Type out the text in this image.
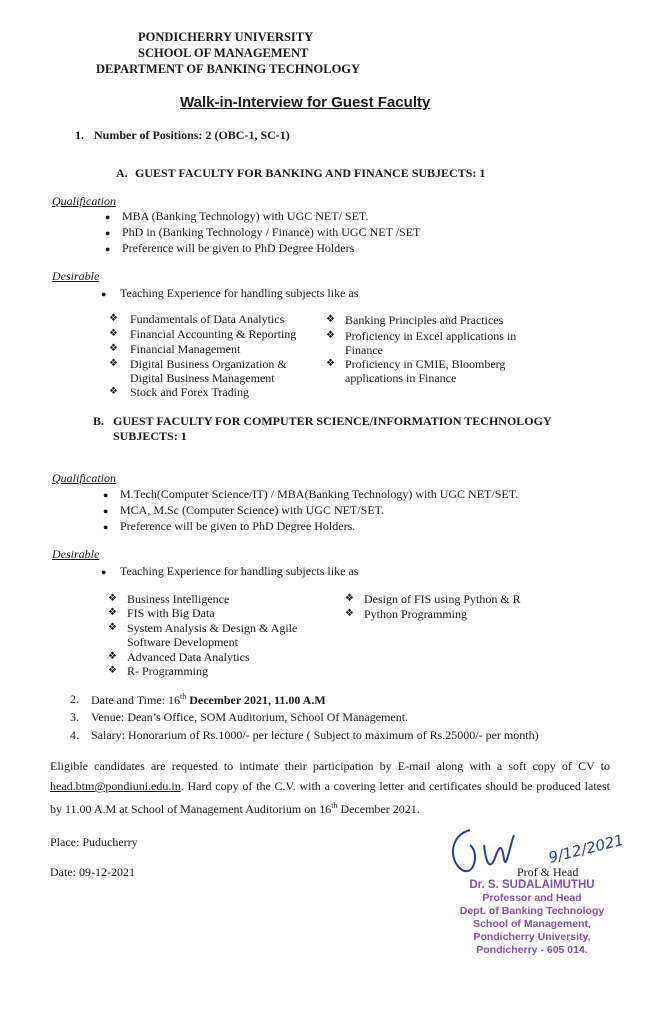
PONDICHERRY UNIVERSITY
SCHOOL OF MANAGEMENT
DEPARTMENT OF BANKING TECHNOLOGY
Walk-in-Interview for Guest Faculty
1. Number of Positions: 2 (OBC-1, SC-1)
A. GUEST FACULTY FOR BANKING AND FINANCE SUBJECTS: 1
Qualification
● MBA (Banking Technology) with UGC NET/ SET.
● PhD in (Banking Technology / Finance) with UGC NET /SET
● Preference will be given to PhD Degree Holders
Desirable
● Teaching Experience for handling subjects like as
❖ Fundamentals of Data Analytics
❖ Financial Accounting & Reporting
❖ Financial Management
❖ Digital Business Organization &
Digital Business Management
❖ Stock and Forex Trading
❖ Banking Principles and Practices
❖ Proficiency in Excel applications in
Finance
❖ Proficiency in CMIE, Bloomberg
applications in Finance
B. GUEST FACULTY FOR COMPUTER SCIENCE/INFORMATION TECHNOLOGY
SUBJECTS: 1
Qualification
● M.Tech(Computer Science/IT) / MBA(Banking Technology) with UGC NET/SET.
● MCA, M.Sc (Computer Science) with UGC NET/SET.
● Preference will be given to PhD Degree Holders.
Desirable
● Teaching Experience for handling subjects like as
❖ Business Intelligence
❖ FIS with Big Data
❖ System Analysis & Design & Agile
Software Development
❖ Advanced Data Analytics
❖ R- Programming
❖ Design of FIS using Python & R
❖ Python Programming
2. Date and Time: 16th December 2021, 11.00 A.M
3. Venue: Dean’s Office, SOM Auditorium, School Of Management.
4. Salary: Honorarium of Rs.1000/- per lecture ( Subject to maximum of Rs.25000/- per month)
Eligible candidates are requested to intimate their participation by E-mail along with a soft copy of CV to head.btm@pondiuni.edu.in. Hard copy of the C.V. with a covering letter and certificates should be produced latest by 11.00 A.M at School of Management Auditorium on 16th December 2021.
Place: Puducherry
Date: 09-12-2021
9/12/2021
Prof & Head
Dr. S. SUDALAIMUTHU
Professor and Head
Dept. of Banking Technology
School of Management,
Pondicherry University,
Pondicherry - 605 014.
